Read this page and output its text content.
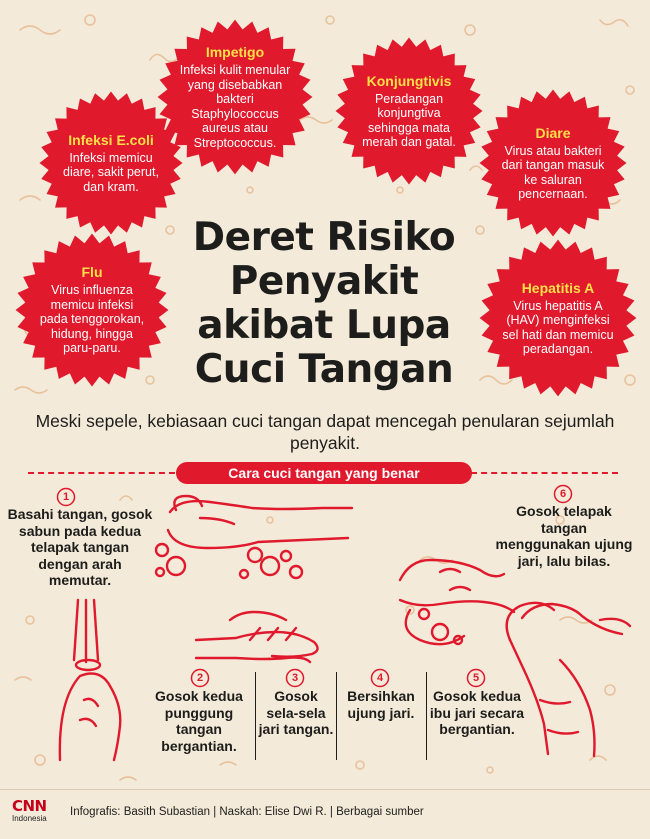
Impetigo
Infeksi kulit menular yang disebabkan bakteri Staphylococcus aureus atau Streptococcus.
Konjungtivis
Peradangan konjungtiva sehingga mata merah dan gatal.
Infeksi E.coli
Infeksi memicu diare, sakit perut, dan kram.
Diare
Virus atau bakteri dari tangan masuk ke saluran pencernaan.
Flu
Virus influenza memicu infeksi pada tenggorokan, hidung, hingga paru-paru.
Hepatitis A
Virus hepatitis A (HAV) menginfeksi sel hati dan memicu peradangan.
Deret Risiko
Penyakit
akibat Lupa
Cuci Tangan
Meski sepele, kebiasaan cuci tangan dapat mencegah penularan sejumlah penyakit.
Cara cuci tangan yang benar
1
Basahi tangan, gosok sabun pada kedua telapak tangan dengan arah memutar.
2
Gosok kedua punggung tangan bergantian.
3
Gosok sela-sela jari tangan.
4
Bersihkan ujung jari.
5
Gosok kedua ibu jari secara bergantian.
6
Gosok telapak tangan menggunakan ujung jari, lalu bilas.
CNN
Indonesia
Infografis: Basith Subastian | Naskah: Elise Dwi R. | Berbagai sumber
